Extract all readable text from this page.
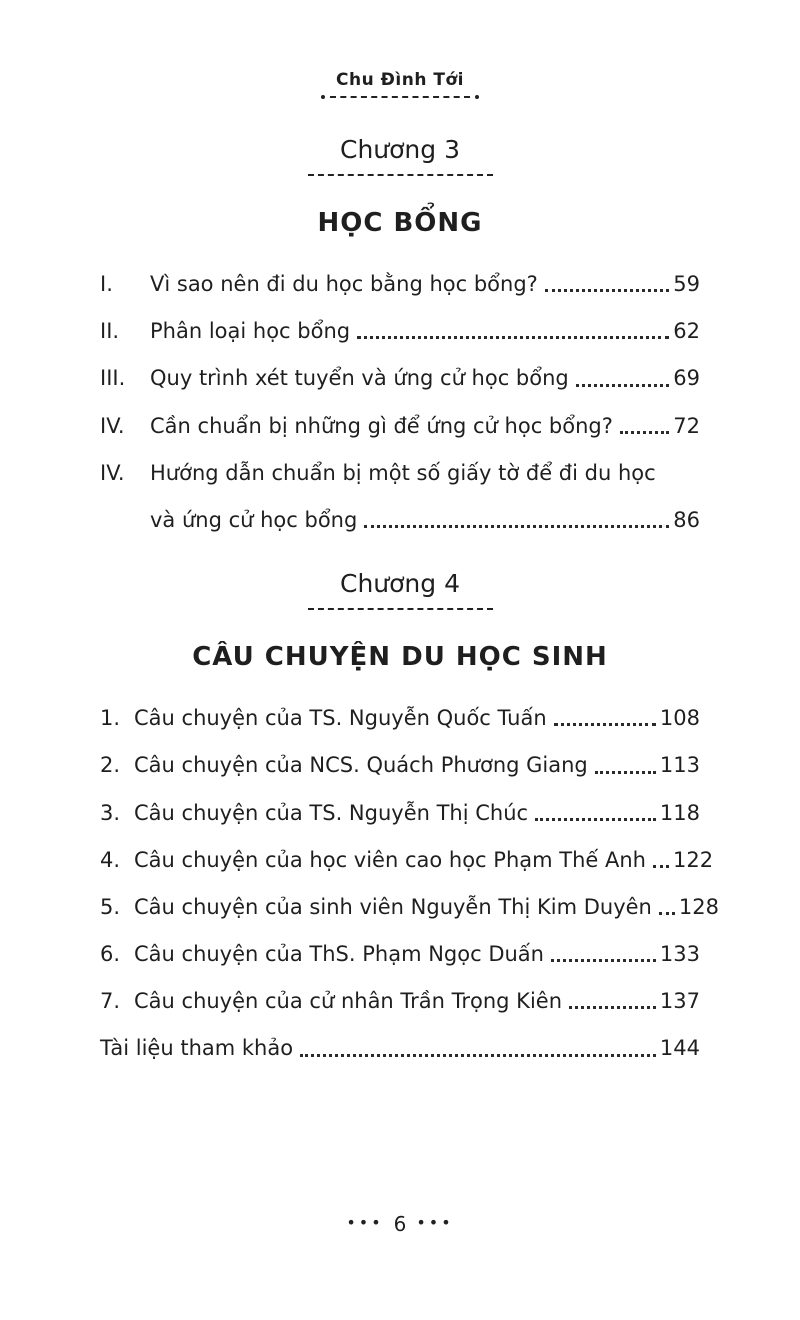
Chu Đình Tới
Chương 3
HỌC BỔNG
I.	Vì sao nên đi du học bằng học bổng?	59
II.	Phân loại học bổng	62
III.	Quy trình xét tuyển và ứng cử học bổng	69
IV.	Cần chuẩn bị những gì để ứng cử học bổng?	72
IV.	Hướng dẫn chuẩn bị một số giấy tờ để đi du học
và ứng cử học bổng	86
Chương 4
CÂU CHUYỆN DU HỌC SINH
1. Câu chuyện của TS. Nguyễn Quốc Tuấn	108
2. Câu chuyện của NCS. Quách Phương Giang	113
3. Câu chuyện của TS. Nguyễn Thị Chúc	118
4. Câu chuyện của học viên cao học Phạm Thế Anh 122
5. Câu chuyện của sinh viên Nguyễn Thị Kim Duyên 128
6. Câu chuyện của ThS. Phạm Ngọc Duấn	133
7. Câu chuyện của cử nhân Trần Trọng Kiên	137
Tài liệu tham khảo	144
••• 6 •••
